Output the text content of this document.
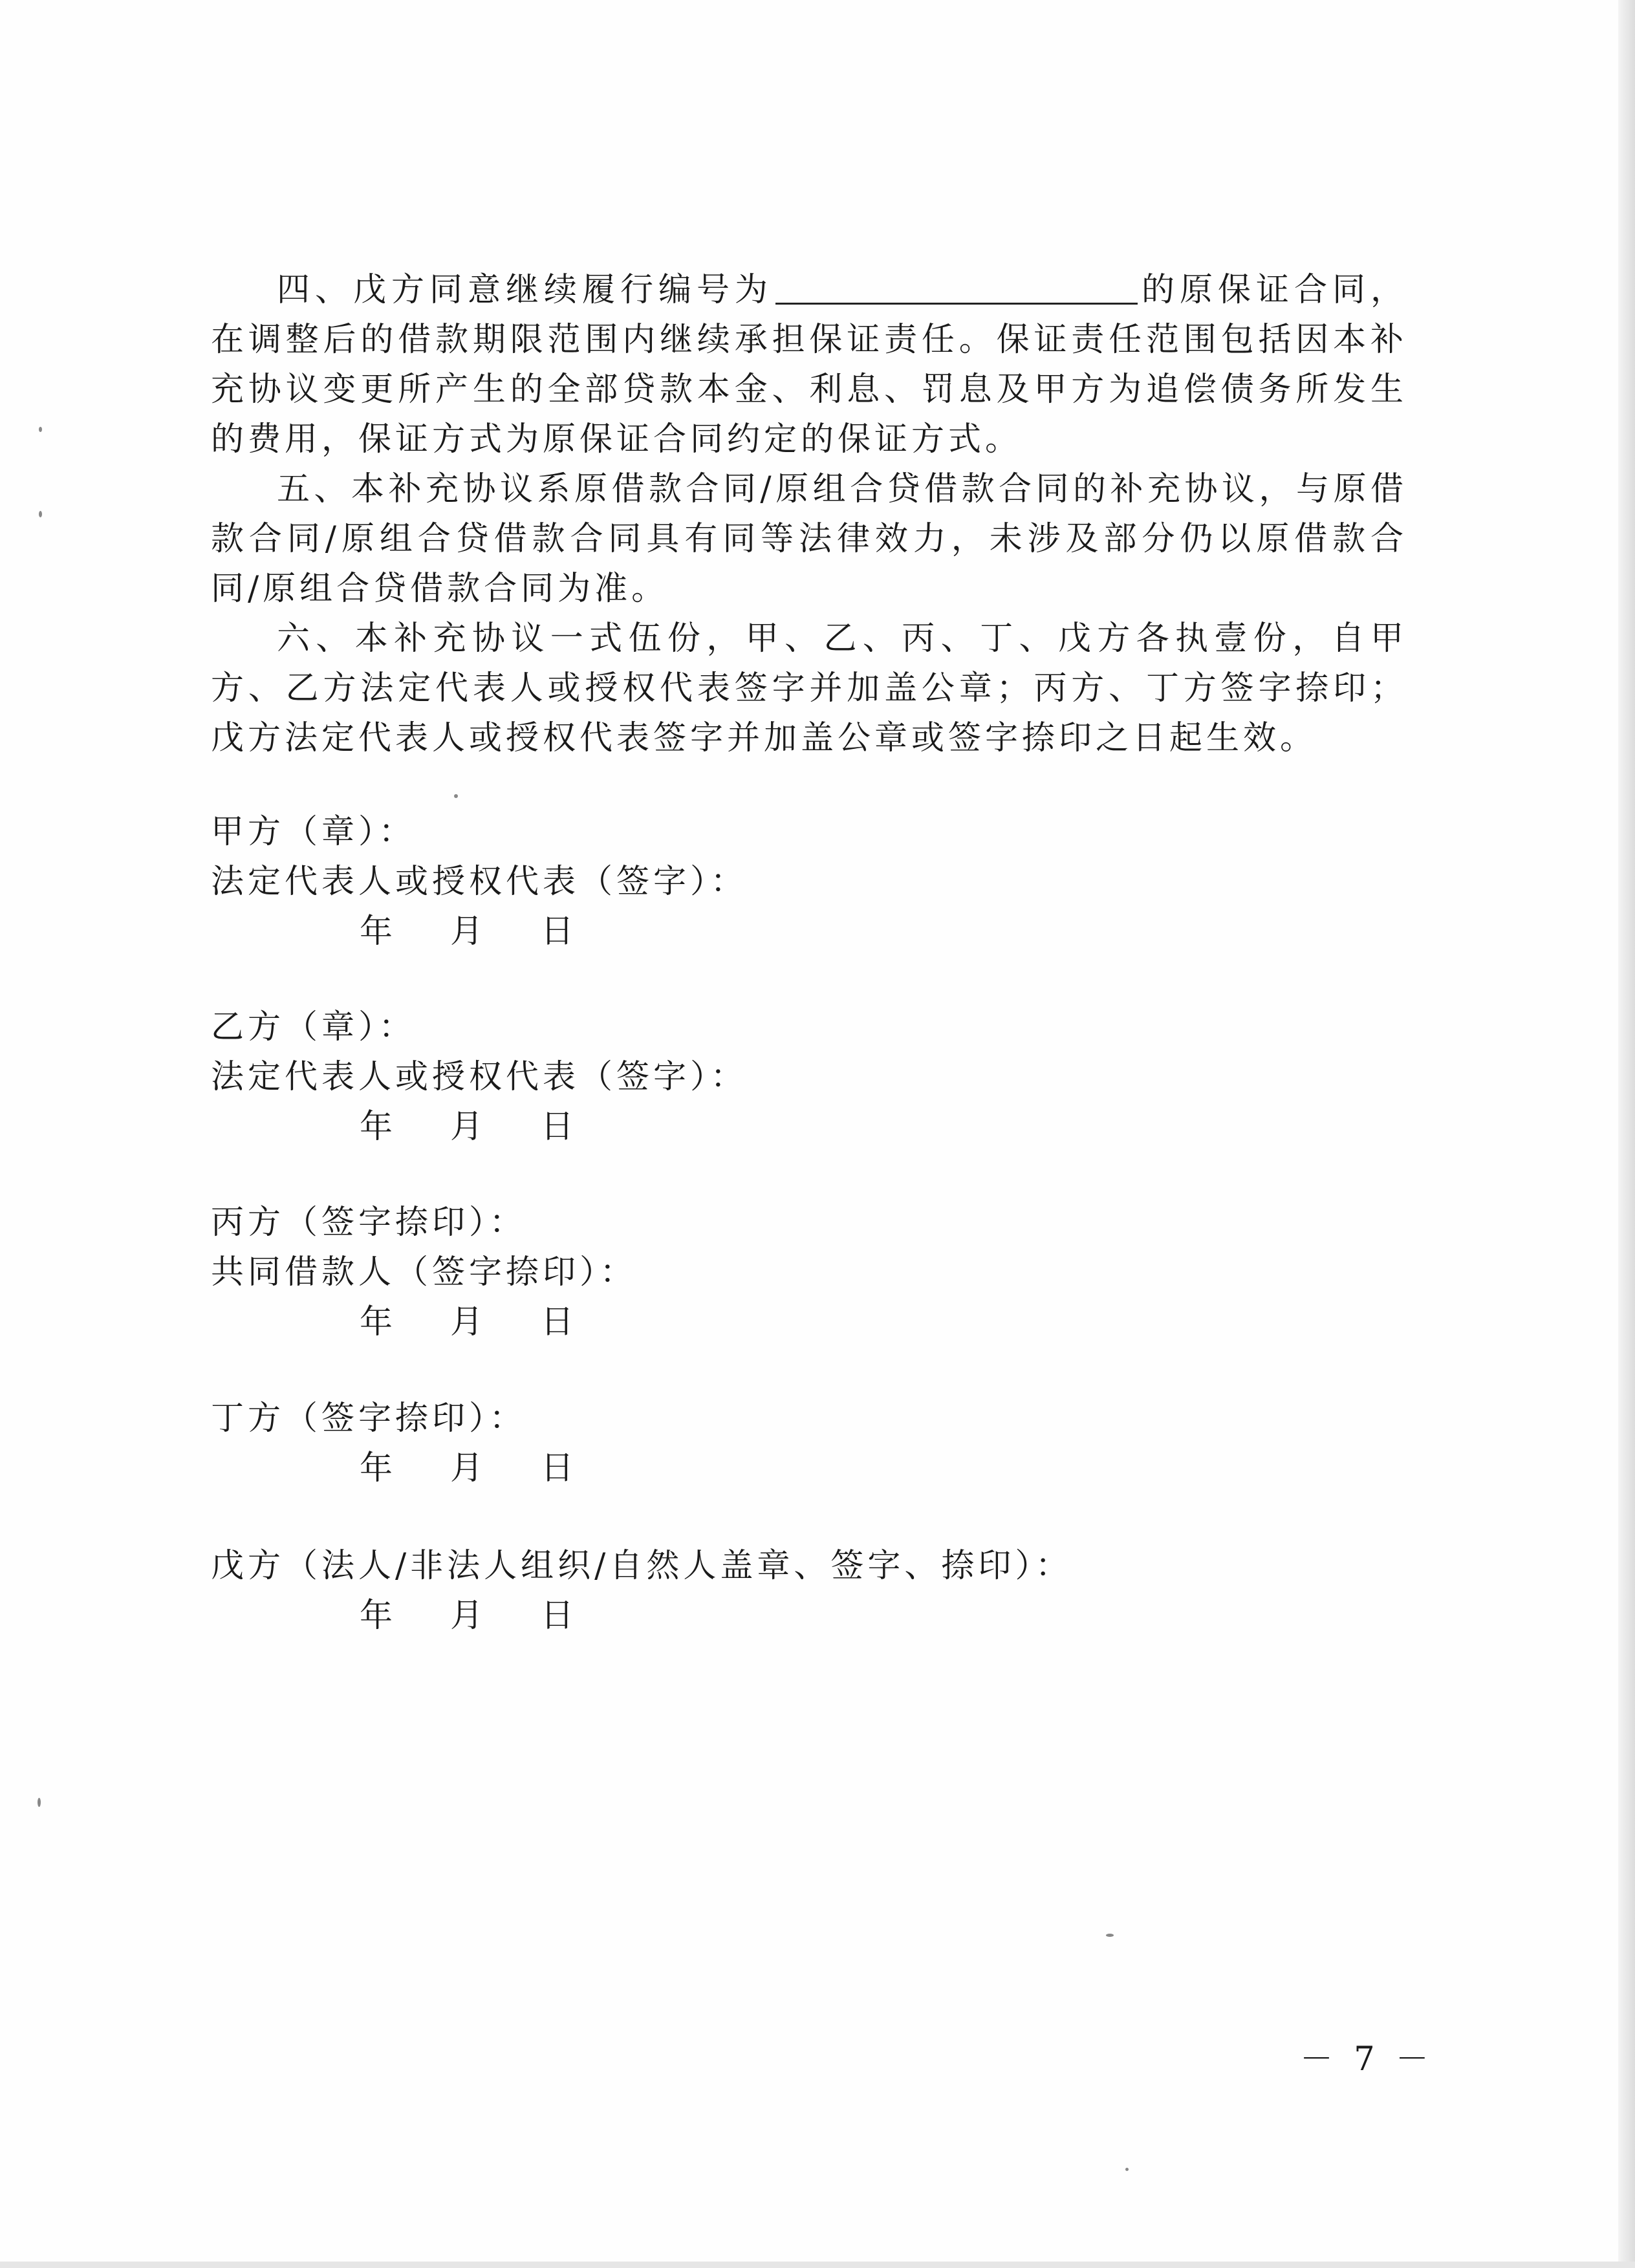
四、戊方同意继续履行编号为	的原保证合同，在调整后的借款期限范围内继续承担保证责任。保证责任范围包括因本补充协议变更所产生的全部贷款本金、利息、罚息及甲方为追偿债务所发生的费用，保证方式为原保证合同约定的保证方式。

五、本补充协议系原借款合同/原组合贷借款合同的补充协议，与原借款合同/原组合贷借款合同具有同等法律效力，未涉及部分仍以原借款合同/原组合贷借款合同为准。

六、本补充协议一式伍份，甲、乙、丙、丁、戊方各执壹份，自甲方、乙方法定代表人或授权代表签字并加盖公章；丙方、丁方签字捺印；戊方法定代表人或授权代表签字并加盖公章或签字捺印之日起生效。

甲方（章）：
法定代表人或授权代表（签字）：
年 月 日
乙方（章）：
法定代表人或授权代表（签字）：
年 月 日
丙方（签字捺印）：
共同借款人（签字捺印）：
年 月 日
丁方（签字捺印）：
年 月 日
戊方（法人/非法人组织/自然人盖章、签字、捺印）：
年 月 日
－ 7 －
